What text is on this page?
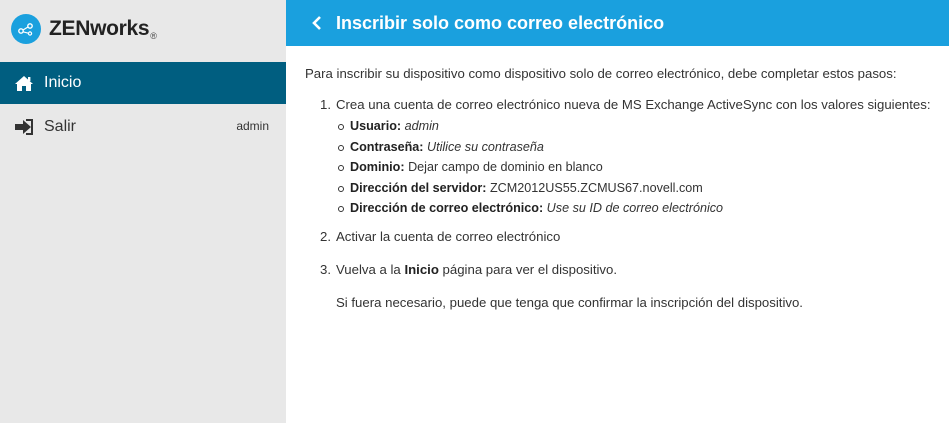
ZENworks®
Inicio
Salir	admin
Inscribir solo como correo electrónico

Para inscribir su dispositivo como dispositivo solo de correo electrónico, debe completar estos pasos:

1. Crea una cuenta de correo electrónico nueva de MS Exchange ActiveSync con los valores siguientes:
Usuario: admin
Contraseña: Utilice su contraseña
Dominio: Dejar campo de dominio en blanco
Dirección del servidor: ZCM2012US55.ZCMUS67.novell.com
Dirección de correo electrónico: Use su ID de correo electrónico
2. Activar la cuenta de correo electrónico
3. Vuelva a la Inicio página para ver el dispositivo.

Si fuera necesario, puede que tenga que confirmar la inscripción del dispositivo.
